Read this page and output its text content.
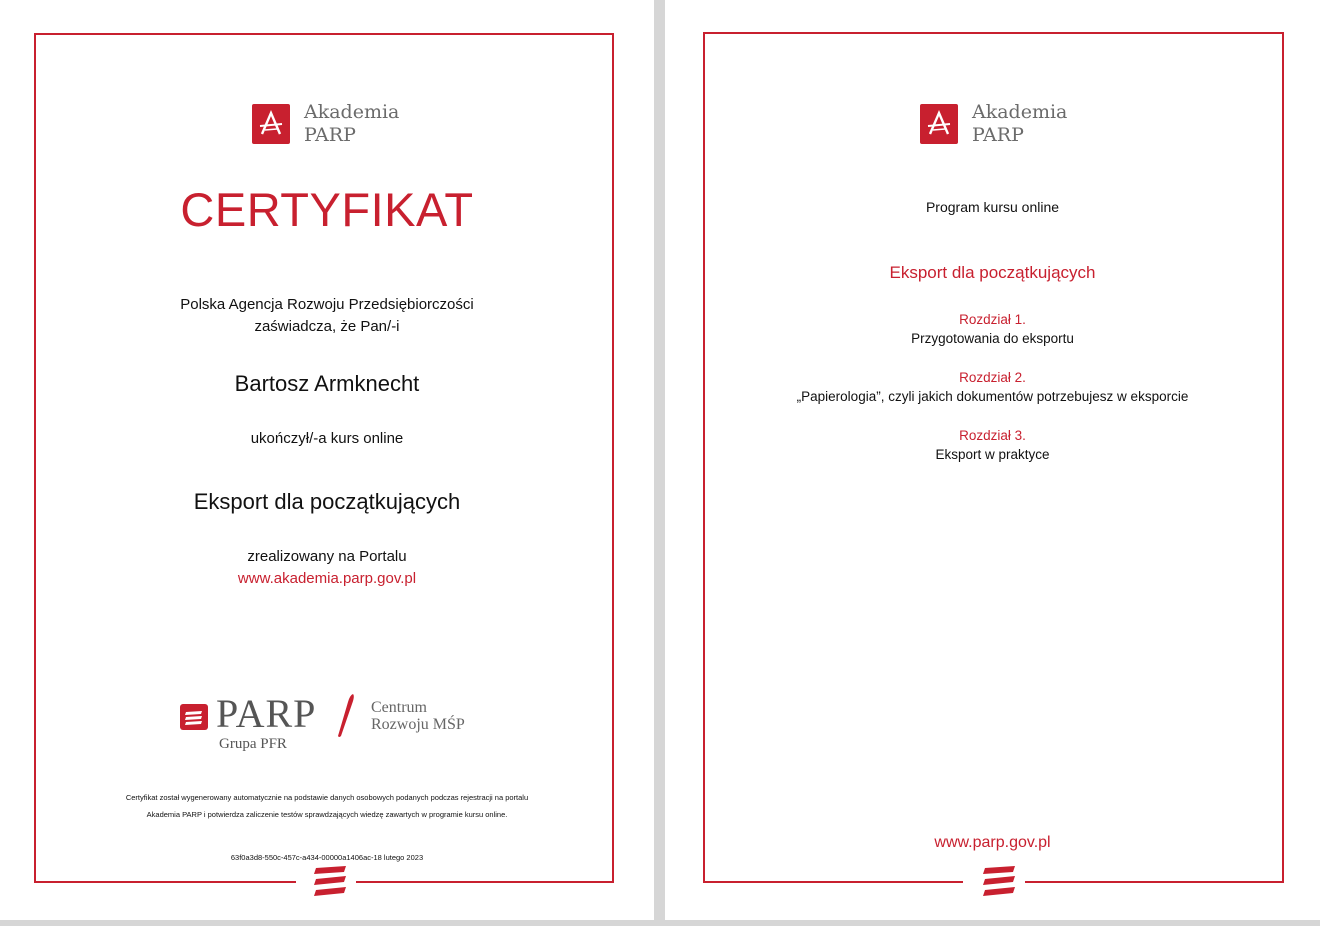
Akademia
PARP
CERTYFIKAT
Polska Agencja Rozwoju Przedsiębiorczości
zaświadcza, że Pan/-i
Bartosz Armknecht
ukończył/-a kurs online
Eksport dla początkujących
zrealizowany na Portalu
www.akademia.parp.gov.pl
PARP
Grupa PFR
Centrum
Rozwoju MŚP
Certyfikat został wygenerowany automatycznie na podstawie danych osobowych podanych podczas rejestracji na portalu
Akademia PARP i potwierdza zaliczenie testów sprawdzających wiedzę zawartych w programie kursu online.
63f0a3d8-550c-457c-a434-00000a1406ac-18 lutego 2023
Akademia
PARP
Program kursu online
Eksport dla początkujących
Rozdział 1.
Przygotowania do eksportu
Rozdział 2.
„Papierologia”, czyli jakich dokumentów potrzebujesz w eksporcie
Rozdział 3.
Eksport w praktyce
www.parp.gov.pl
